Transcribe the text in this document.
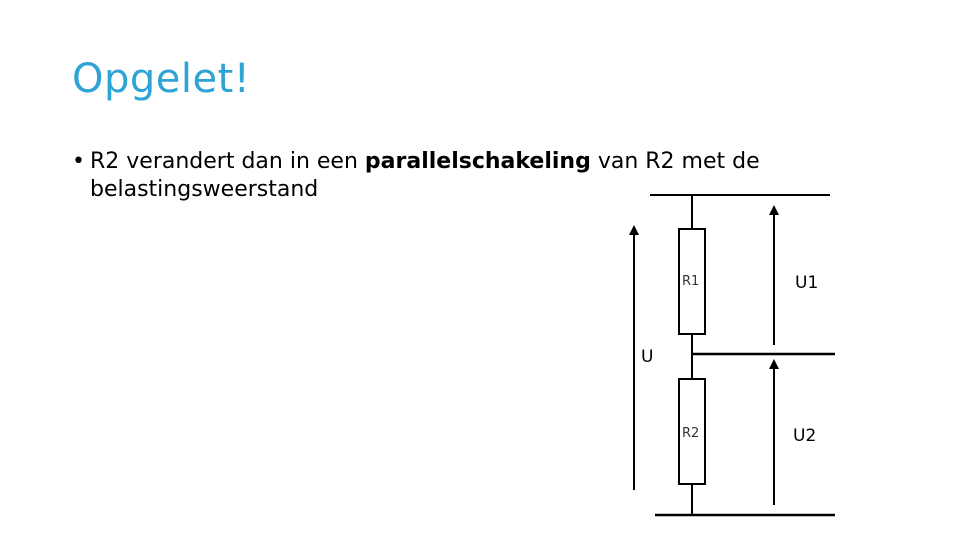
Opgelet!
• R2 verandert dan in een parallelschakeling van R2 met de belastingsweerstand
R1
R2
U
U1
U2
